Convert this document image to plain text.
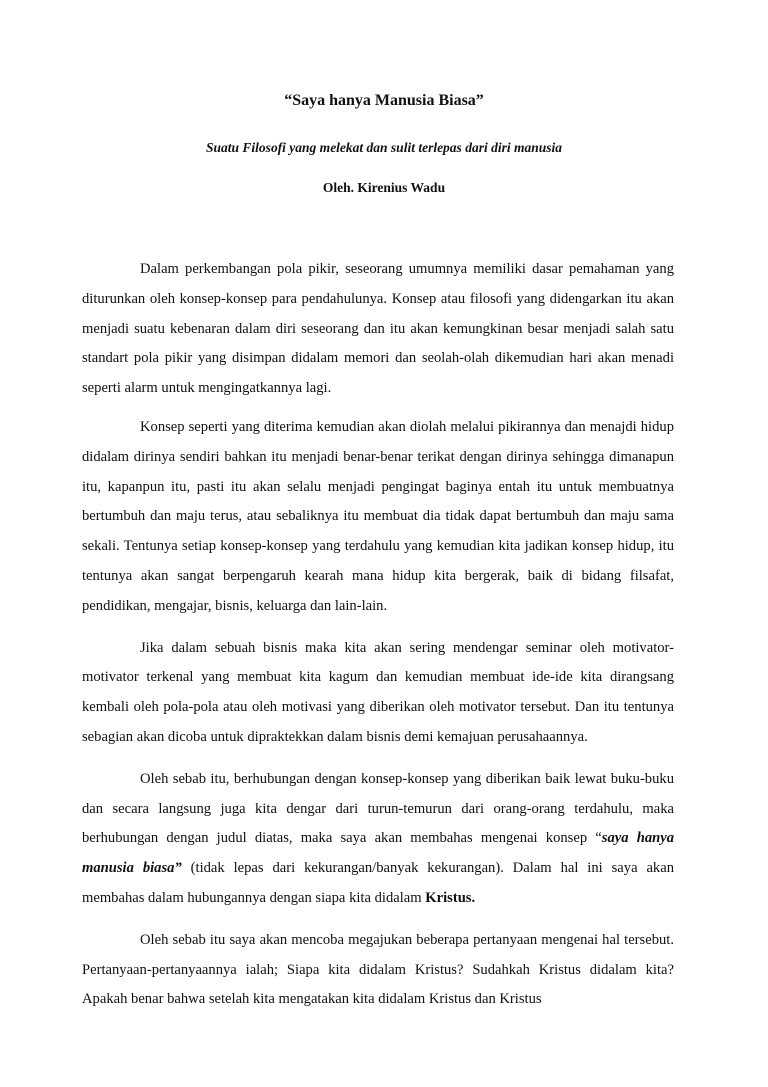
“Saya hanya Manusia Biasa”
Suatu Filosofi yang melekat dan sulit terlepas dari diri manusia
Oleh. Kirenius Wadu

Dalam perkembangan pola pikir, seseorang umumnya memiliki dasar pemahaman yang diturunkan oleh konsep-konsep para pendahulunya. Konsep atau filosofi yang didengarkan itu akan menjadi suatu kebenaran dalam diri seseorang dan itu akan kemungkinan besar menjadi salah satu standart pola pikir yang disimpan didalam memori dan seolah-olah dikemudian hari akan menadi seperti alarm untuk mengingatkannya lagi.

Konsep seperti yang diterima kemudian akan diolah melalui pikirannya dan menajdi hidup didalam dirinya sendiri bahkan itu menjadi benar-benar terikat dengan dirinya sehingga dimanapun itu, kapanpun itu, pasti itu akan selalu menjadi pengingat baginya entah itu untuk membuatnya bertumbuh dan maju terus, atau sebaliknya itu membuat dia tidak dapat bertumbuh dan maju sama sekali. Tentunya setiap konsep-konsep yang terdahulu yang kemudian kita jadikan konsep hidup, itu tentunya akan sangat berpengaruh kearah mana hidup kita bergerak, baik di bidang filsafat, pendidikan, mengajar, bisnis, keluarga dan lain-lain.

Jika dalam sebuah bisnis maka kita akan sering mendengar seminar oleh motivator-motivator terkenal yang membuat kita kagum dan kemudian membuat ide-ide kita dirangsang kembali oleh pola-pola atau oleh motivasi yang diberikan oleh motivator tersebut. Dan itu tentunya sebagian akan dicoba untuk dipraktekkan dalam bisnis demi kemajuan perusahaannya.

Oleh sebab itu, berhubungan dengan konsep-konsep yang diberikan baik lewat buku-buku dan secara langsung juga kita dengar dari turun-temurun dari orang-orang terdahulu, maka berhubungan dengan judul diatas, maka saya akan membahas mengenai konsep “saya hanya manusia biasa” (tidak lepas dari kekurangan/banyak kekurangan). Dalam hal ini saya akan membahas dalam hubungannya dengan siapa kita didalam Kristus.

Oleh sebab itu saya akan mencoba megajukan beberapa pertanyaan mengenai hal tersebut. Pertanyaan-pertanyaannya ialah; Siapa kita didalam Kristus? Sudahkah Kristus didalam kita? Apakah benar bahwa setelah kita mengatakan kita didalam Kristus dan Kristus
